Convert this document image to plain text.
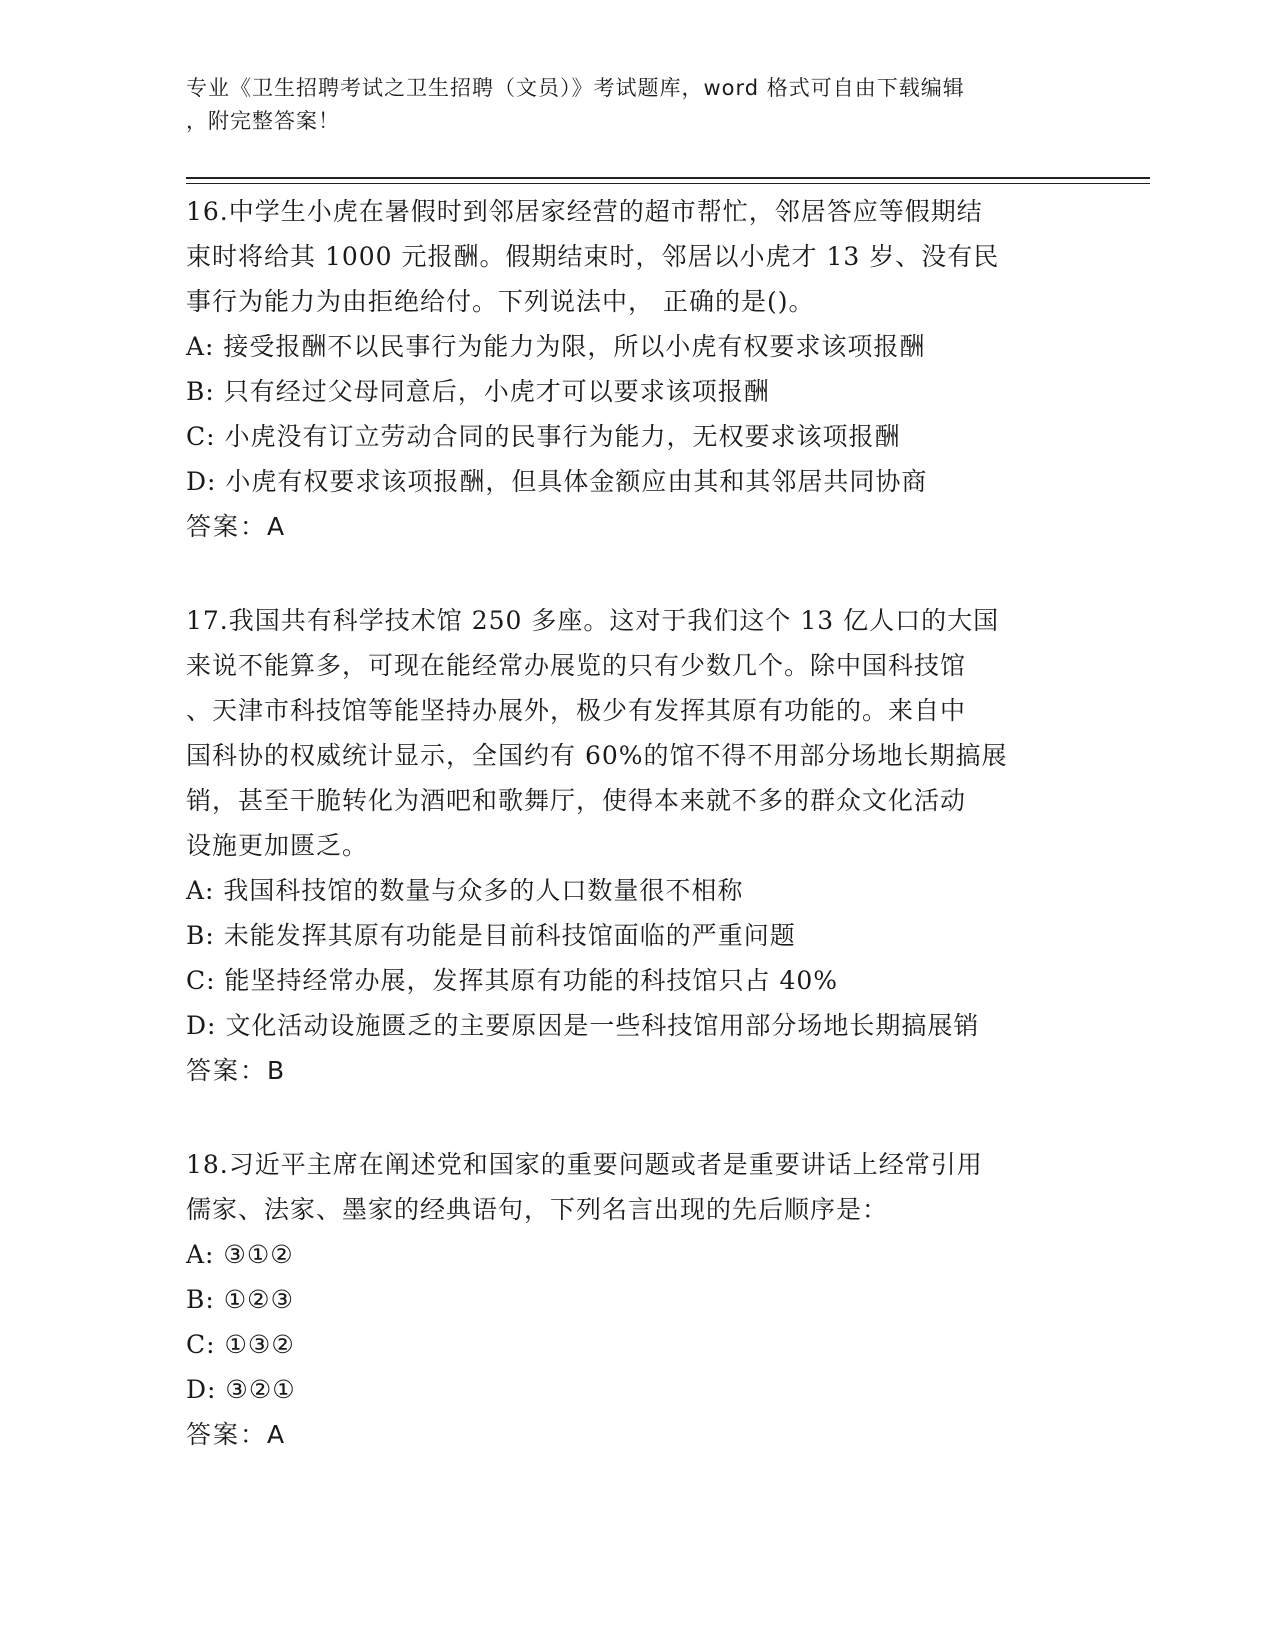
专业《卫生招聘考试之卫生招聘（文员）》考试题库，word 格式可自由下载编辑
，附完整答案！
16.中学生小虎在暑假时到邻居家经营的超市帮忙，邻居答应等假期结
束时将给其 1000 元报酬。假期结束时，邻居以小虎才 13 岁、没有民
事行为能力为由拒绝给付。下列说法中， 正确的是()。
A: 接受报酬不以民事行为能力为限，所以小虎有权要求该项报酬
B: 只有经过父母同意后，小虎才可以要求该项报酬
C: 小虎没有订立劳动合同的民事行为能力，无权要求该项报酬
D: 小虎有权要求该项报酬，但具体金额应由其和其邻居共同协商
答案：A
17.我国共有科学技术馆 250 多座。这对于我们这个 13 亿人口的大国
来说不能算多，可现在能经常办展览的只有少数几个。除中国科技馆
、天津市科技馆等能坚持办展外，极少有发挥其原有功能的。来自中
国科协的权威统计显示，全国约有 60%的馆不得不用部分场地长期搞展
销，甚至干脆转化为酒吧和歌舞厅，使得本来就不多的群众文化活动
设施更加匮乏。
A: 我国科技馆的数量与众多的人口数量很不相称
B: 未能发挥其原有功能是目前科技馆面临的严重问题
C: 能坚持经常办展，发挥其原有功能的科技馆只占 40%
D: 文化活动设施匮乏的主要原因是一些科技馆用部分场地长期搞展销
答案：B
18.习近平主席在阐述党和国家的重要问题或者是重要讲话上经常引用
儒家、法家、墨家的经典语句，下列名言出现的先后顺序是：
A: ③①②
B: ①②③
C: ①③②
D: ③②①
答案：A
